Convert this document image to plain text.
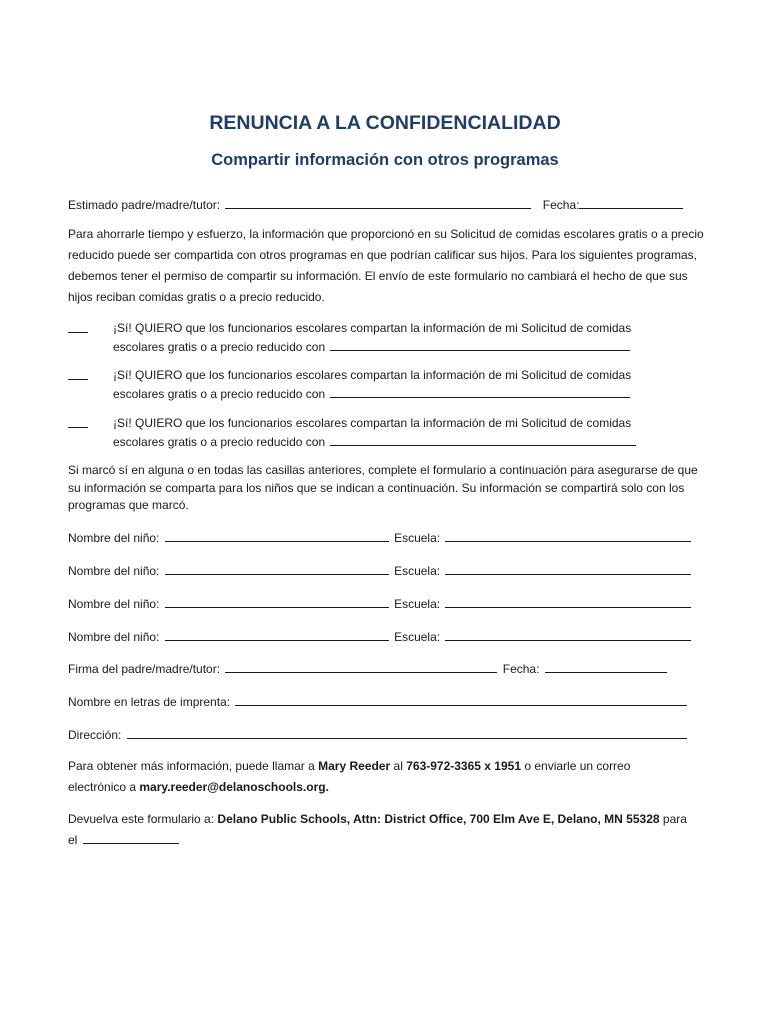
RENUNCIA A LA CONFIDENCIALIDAD
Compartir información con otros programas
Estimado padre/madre/tutor:	Fecha:
Para ahorrarle tiempo y esfuerzo, la información que proporcionó en su Solicitud de comidas escolares gratis o a precio reducido puede ser compartida con otros programas en que podrían calificar sus hijos. Para los siguientes programas, debemos tener el permiso de compartir su información. El envío de este formulario no cambiará el hecho de que sus hijos reciban comidas gratis o a precio reducido.
¡Sí! QUIERO que los funcionarios escolares compartan la información de mi Solicitud de comidas
escolares gratis o a precio reducido con
¡Sí! QUIERO que los funcionarios escolares compartan la información de mi Solicitud de comidas
escolares gratis o a precio reducido con
¡Sí! QUIERO que los funcionarios escolares compartan la información de mi Solicitud de comidas
escolares gratis o a precio reducido con
Si marcó sí en alguna o en todas las casillas anteriores, complete el formulario a continuación para asegurarse de que su información se comparta para los niños que se indican a continuación. Su información se compartirá solo con los programas que marcó.
Nombre del niño:	Escuela:
Nombre del niño:	Escuela:
Nombre del niño:	Escuela:
Nombre del niño:	Escuela:
Firma del padre/madre/tutor:	Fecha:
Nombre en letras de imprenta:
Dirección:
Para obtener más información, puede llamar a Mary Reeder al 763-972-3365 x 1951 o enviarle un correo
electrónico a mary.reeder@delanoschools.org.
Devuelva este formulario a: Delano Public Schools, Attn: District Office, 700 Elm Ave E, Delano, MN 55328 para
el
